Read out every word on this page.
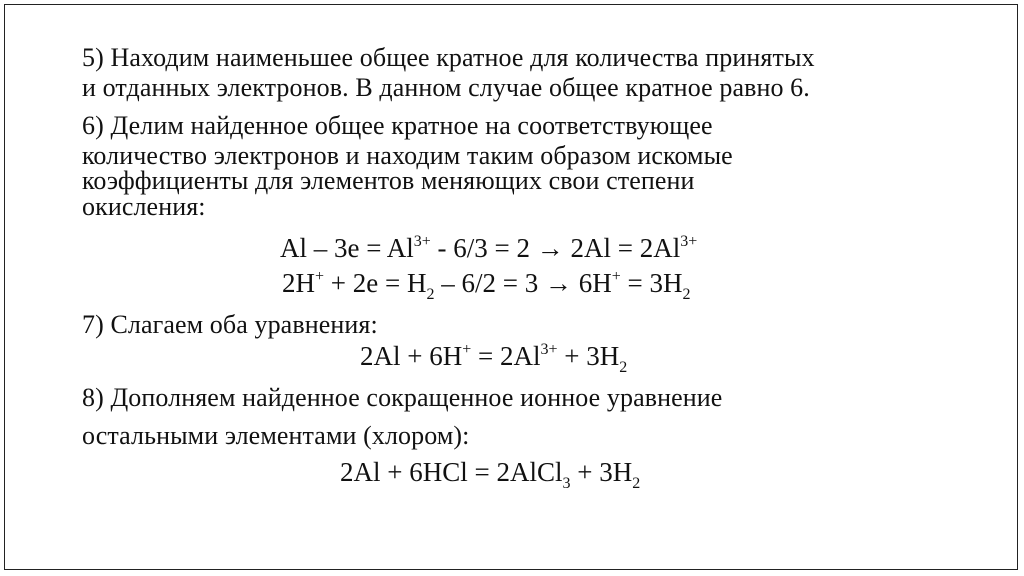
5) Находим наименьшее общее кратное для количества принятых
и отданных электронов. В данном случае общее кратное равно 6.
6) Делим найденное общее кратное на соответствующее
количество электронов и находим таким образом искомые
коэффициенты для элементов меняющих свои степени
окисления:
$Al - 3e = Al^{3+} - 6/3 = 2 \to 2Al = 2Al^{3+}$
$2H^+ + 2e = H_2 - 6/2 = 3 \to 6H^+ = 3H_2$
7) Слагаем оба уравнения:
$2Al + 6H^+ = 2Al^{3+} + 3H_2$
8) Дополняем найденное сокращенное ионное уравнение
остальными элементами (хлором):
2Al + 6HCl = 2AlCl$_3$ + $3H_2$
